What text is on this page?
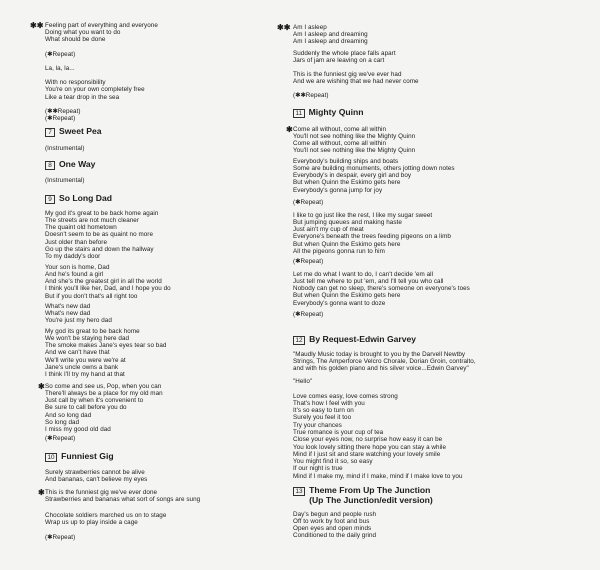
✱✱ Feeling part of everything and everyone
Doing what you want to do
What should be done

(✱Repeat)

La, la, la...

With no responsibility
You're on your own completely free
Like a tear drop in the sea

(✱✱Repeat)
(✱Repeat)
7 Sweet Pea
(Instrumental)
8 One Way
(Instrumental)
9 So Long Dad
My god it's great to be back home again
The streets are not much cleaner
The quaint old hometown
Doesn't seem to be as quaint no more
Just older than before
Go up the stairs and down the hallway
To my daddy's door
Your son is home, Dad
And he's found a girl
And she's the greatest girl in all the world
I think you'll like her, Dad, and I hope you do
But if you don't that's all right too
What's new dad
What's new dad
You're just my hero dad
My god its great to be back home
We won't be staying here dad
The smoke makes Jane's eyes tear so bad
And we can't have that
We'll write you were we're at
Jane's uncle owns a bank
I think I'll try my hand at that
✱ So come and see us, Pop, when you can
There'll always be a place for my old man
Just call by when it's convenient to
Be sure to call before you do
And so long dad
So long dad
I miss my good old dad
(✱Repeat)
10 Funniest Gig
Surely strawberries cannot be alive
And bananas, can't believe my eyes
✱ This is the funniest gig we've ever done
Strawberries and bananas what sort of songs are sung
Chocolate soldiers marched us on to stage
Wrap us up to play inside a cage
(✱Repeat)
✱✱ Am I asleep
Am I asleep and dreaming
Am I asleep and dreaming
Suddenly the whole place falls apart
Jars of jam are leaving on a cart
This is the funniest gig we've ever had
And we are wishing that we had never come
(✱✱Repeat)
11 Mighty Quinn
✱ Come all without, come all within
You'll not see nothing like the Mighty Quinn
Come all without, come all within
You'll not see nothing like the Mighty Quinn
Everybody's building ships and boats
Some are building monuments, others jotting down notes
Everybody's in despair, every girl and boy
But when Quinn the Eskimo gets here
Everybody's gonna jump for joy
(✱Repeat)
I like to go just like the rest, I like my sugar sweet
But jumping queues and making haste
Just ain't my cup of meat
Everyone's beneath the trees feeding pigeons on a limb
But when Quinn the Eskimo gets here
All the pigeons gonna run to him
(✱Repeat)
Let me do what I want to do, I can't decide 'em all
Just tell me where to put 'em, and I'll tell you who call
Nobody can get no sleep, there's someone on everyone's toes
But when Quinn the Eskimo gets here
Everybody's gonna want to doze
(✱Repeat)
12 By Request-Edwin Garvey
"Maudly Music today is brought to you by the Darvell Newtby
Strings, The Amperforce Velcro Chorale, Dorian Groin, contralto,
and with his golden piano and his silver voice...Edwin Garvey"
"Hello"
Love comes easy, love comes strong
That's how I feel with you
It's so easy to turn on
Surely you feel it too
Try your chances
True romance is your cup of tea
Close your eyes now, no surprise how easy it can be
You look lovely sitting there hope you can stay a while
Mind if I just sit and stare watching your lovely smile
You might find it so, so easy
If our night is true
Mind if I make my, mind if I make, mind if I make love to you
13 Theme From Up The Junction
(Up The Junction/edit version)
Day's begun and people rush
Off to work by foot and bus
Open eyes and open minds
Conditioned to the daily grind
